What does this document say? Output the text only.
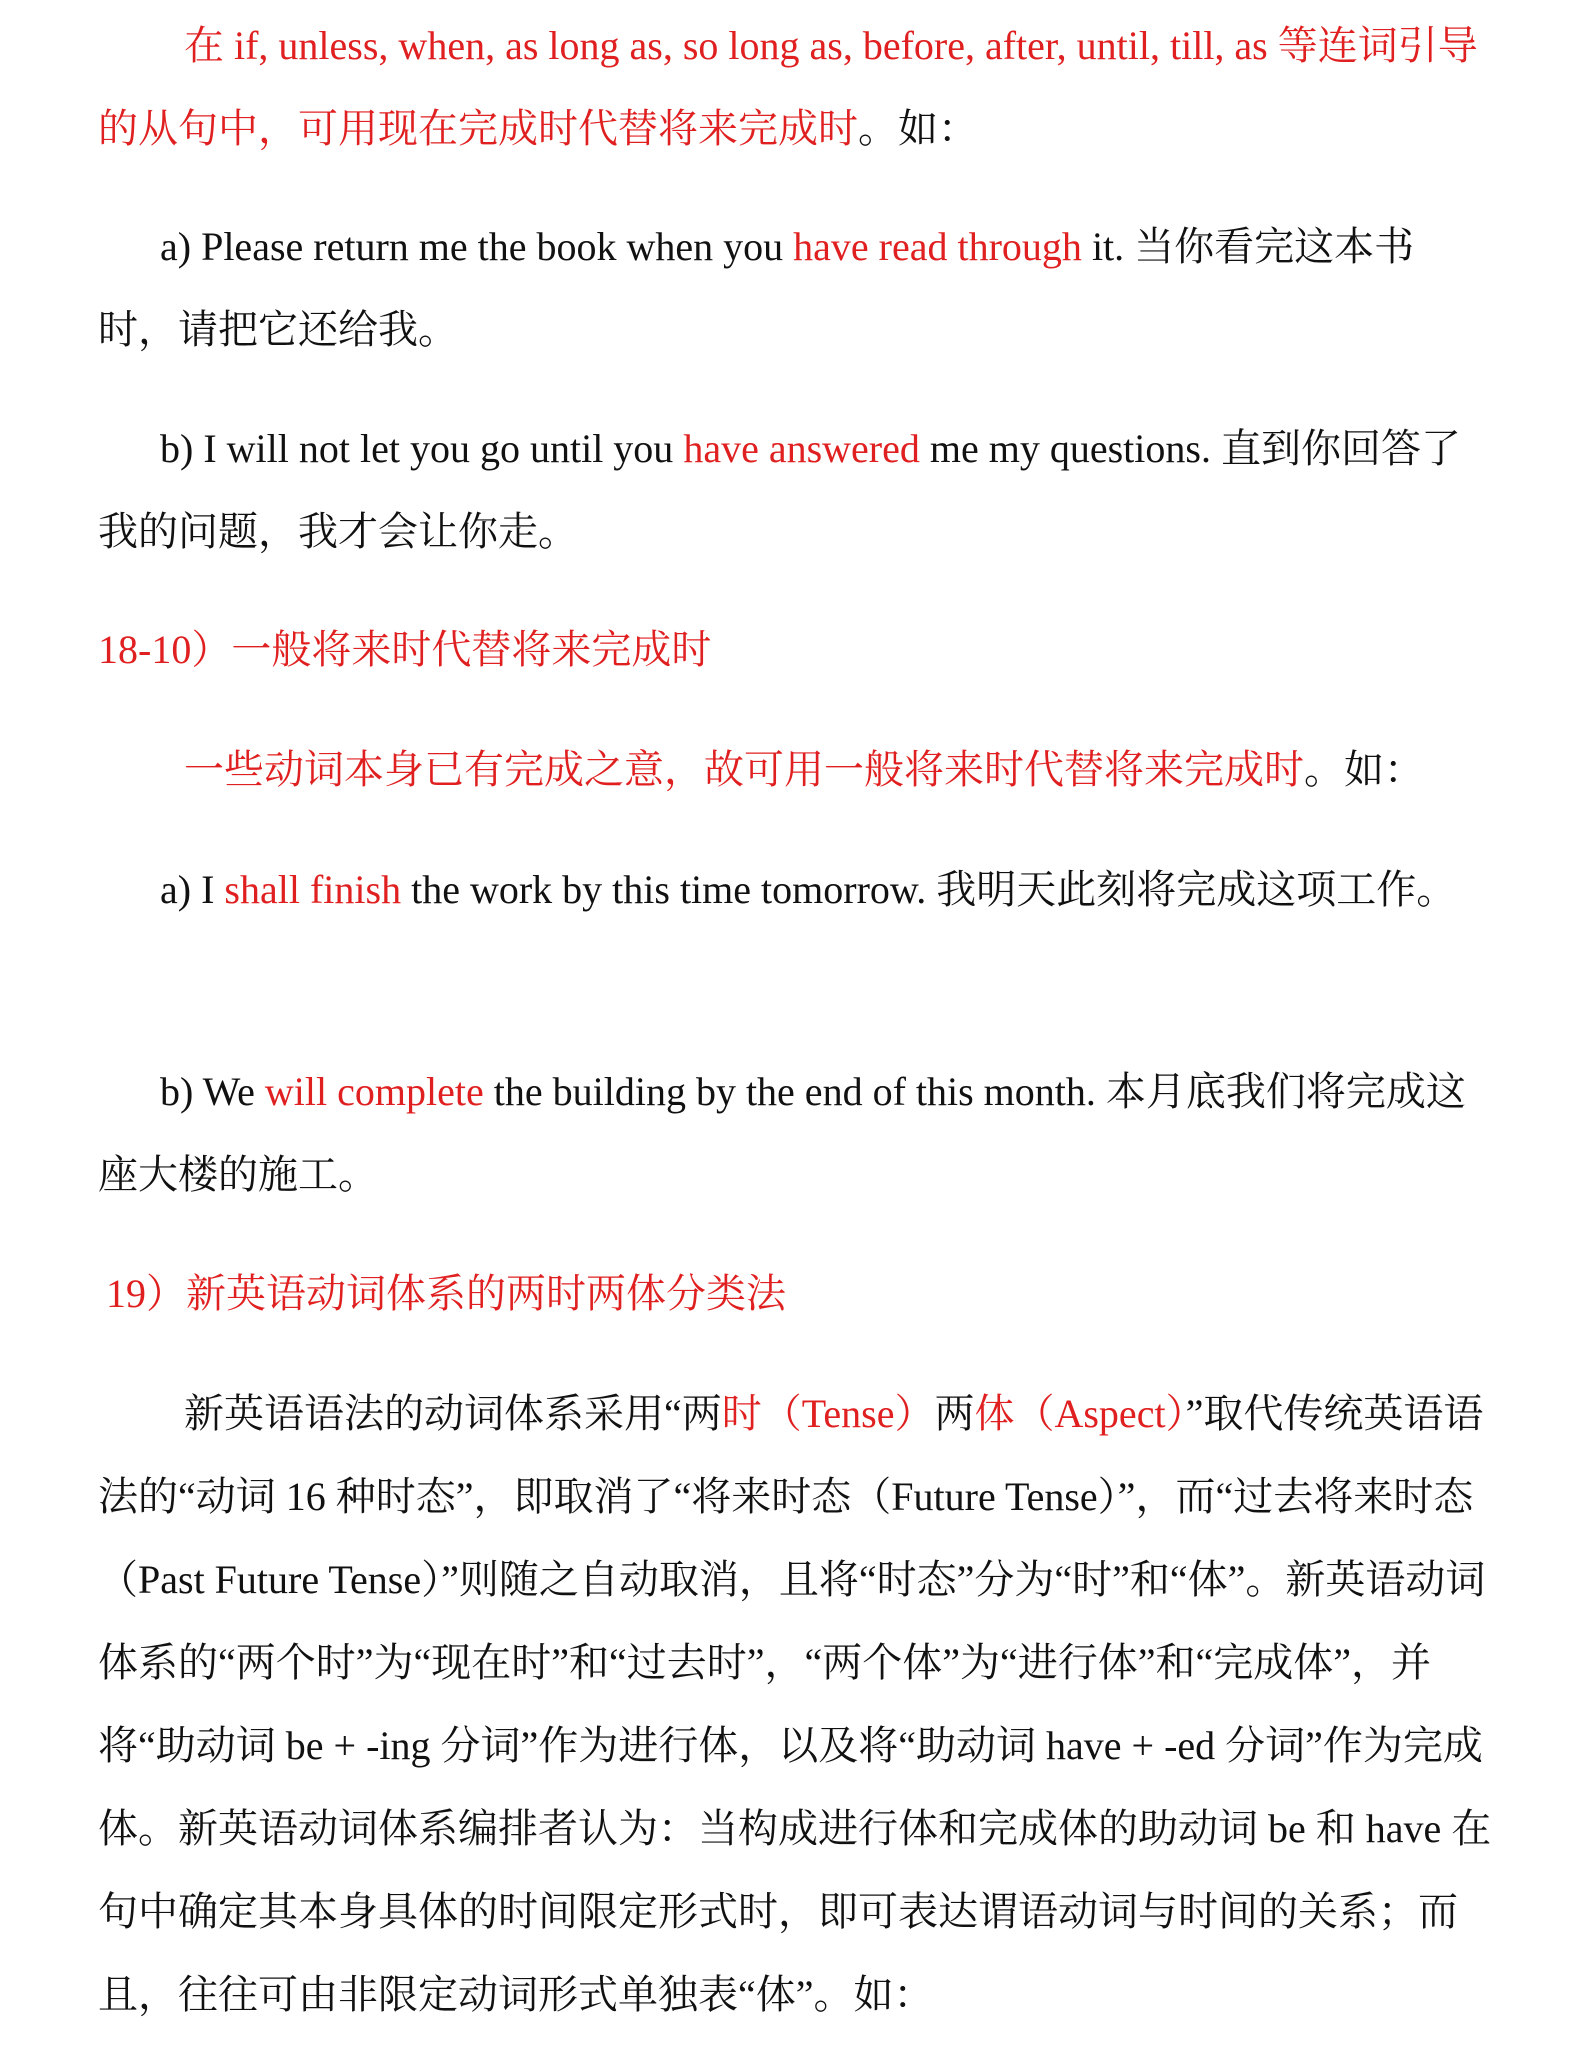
在 if, unless, when, as long as, so long as, before, after, until, till, as 等连词引导的从句中，可用现在完成时代替将来完成时。如：

a) Please return me the book when you have read through it. 当你看完这本书时，请把它还给我。

b) I will not let you go until you have answered me my questions. 直到你回答了我的问题，我才会让你走。

18-10）一般将来时代替将来完成时

一些动词本身已有完成之意，故可用一般将来时代替将来完成时。如：

a) I shall finish the work by this time tomorrow. 我明天此刻将完成这项工作。

b) We will complete the building by the end of this month. 本月底我们将完成这座大楼的施工。

19）新英语动词体系的两时两体分类法

新英语语法的动词体系采用“两时（Tense）两体（Aspect）”取代传统英语语法的“动词 16 种时态”，即取消了“将来时态（Future Tense）”，而“过去将来时态（Past Future Tense）”则随之自动取消，且将“时态”分为“时”和“体”。新英语动词体系的“两个时”为“现在时”和“过去时”，“两个体”为“进行体”和“完成体”，并将“助动词 be + -ing 分词”作为进行体，以及将“助动词 have + -ed 分词”作为完成体。新英语动词体系编排者认为：当构成进行体和完成体的助动词 be 和 have 在句中确定其本身具体的时间限定形式时，即可表达谓语动词与时间的关系；而且，往往可由非限定动词形式单独表“体”。如：
